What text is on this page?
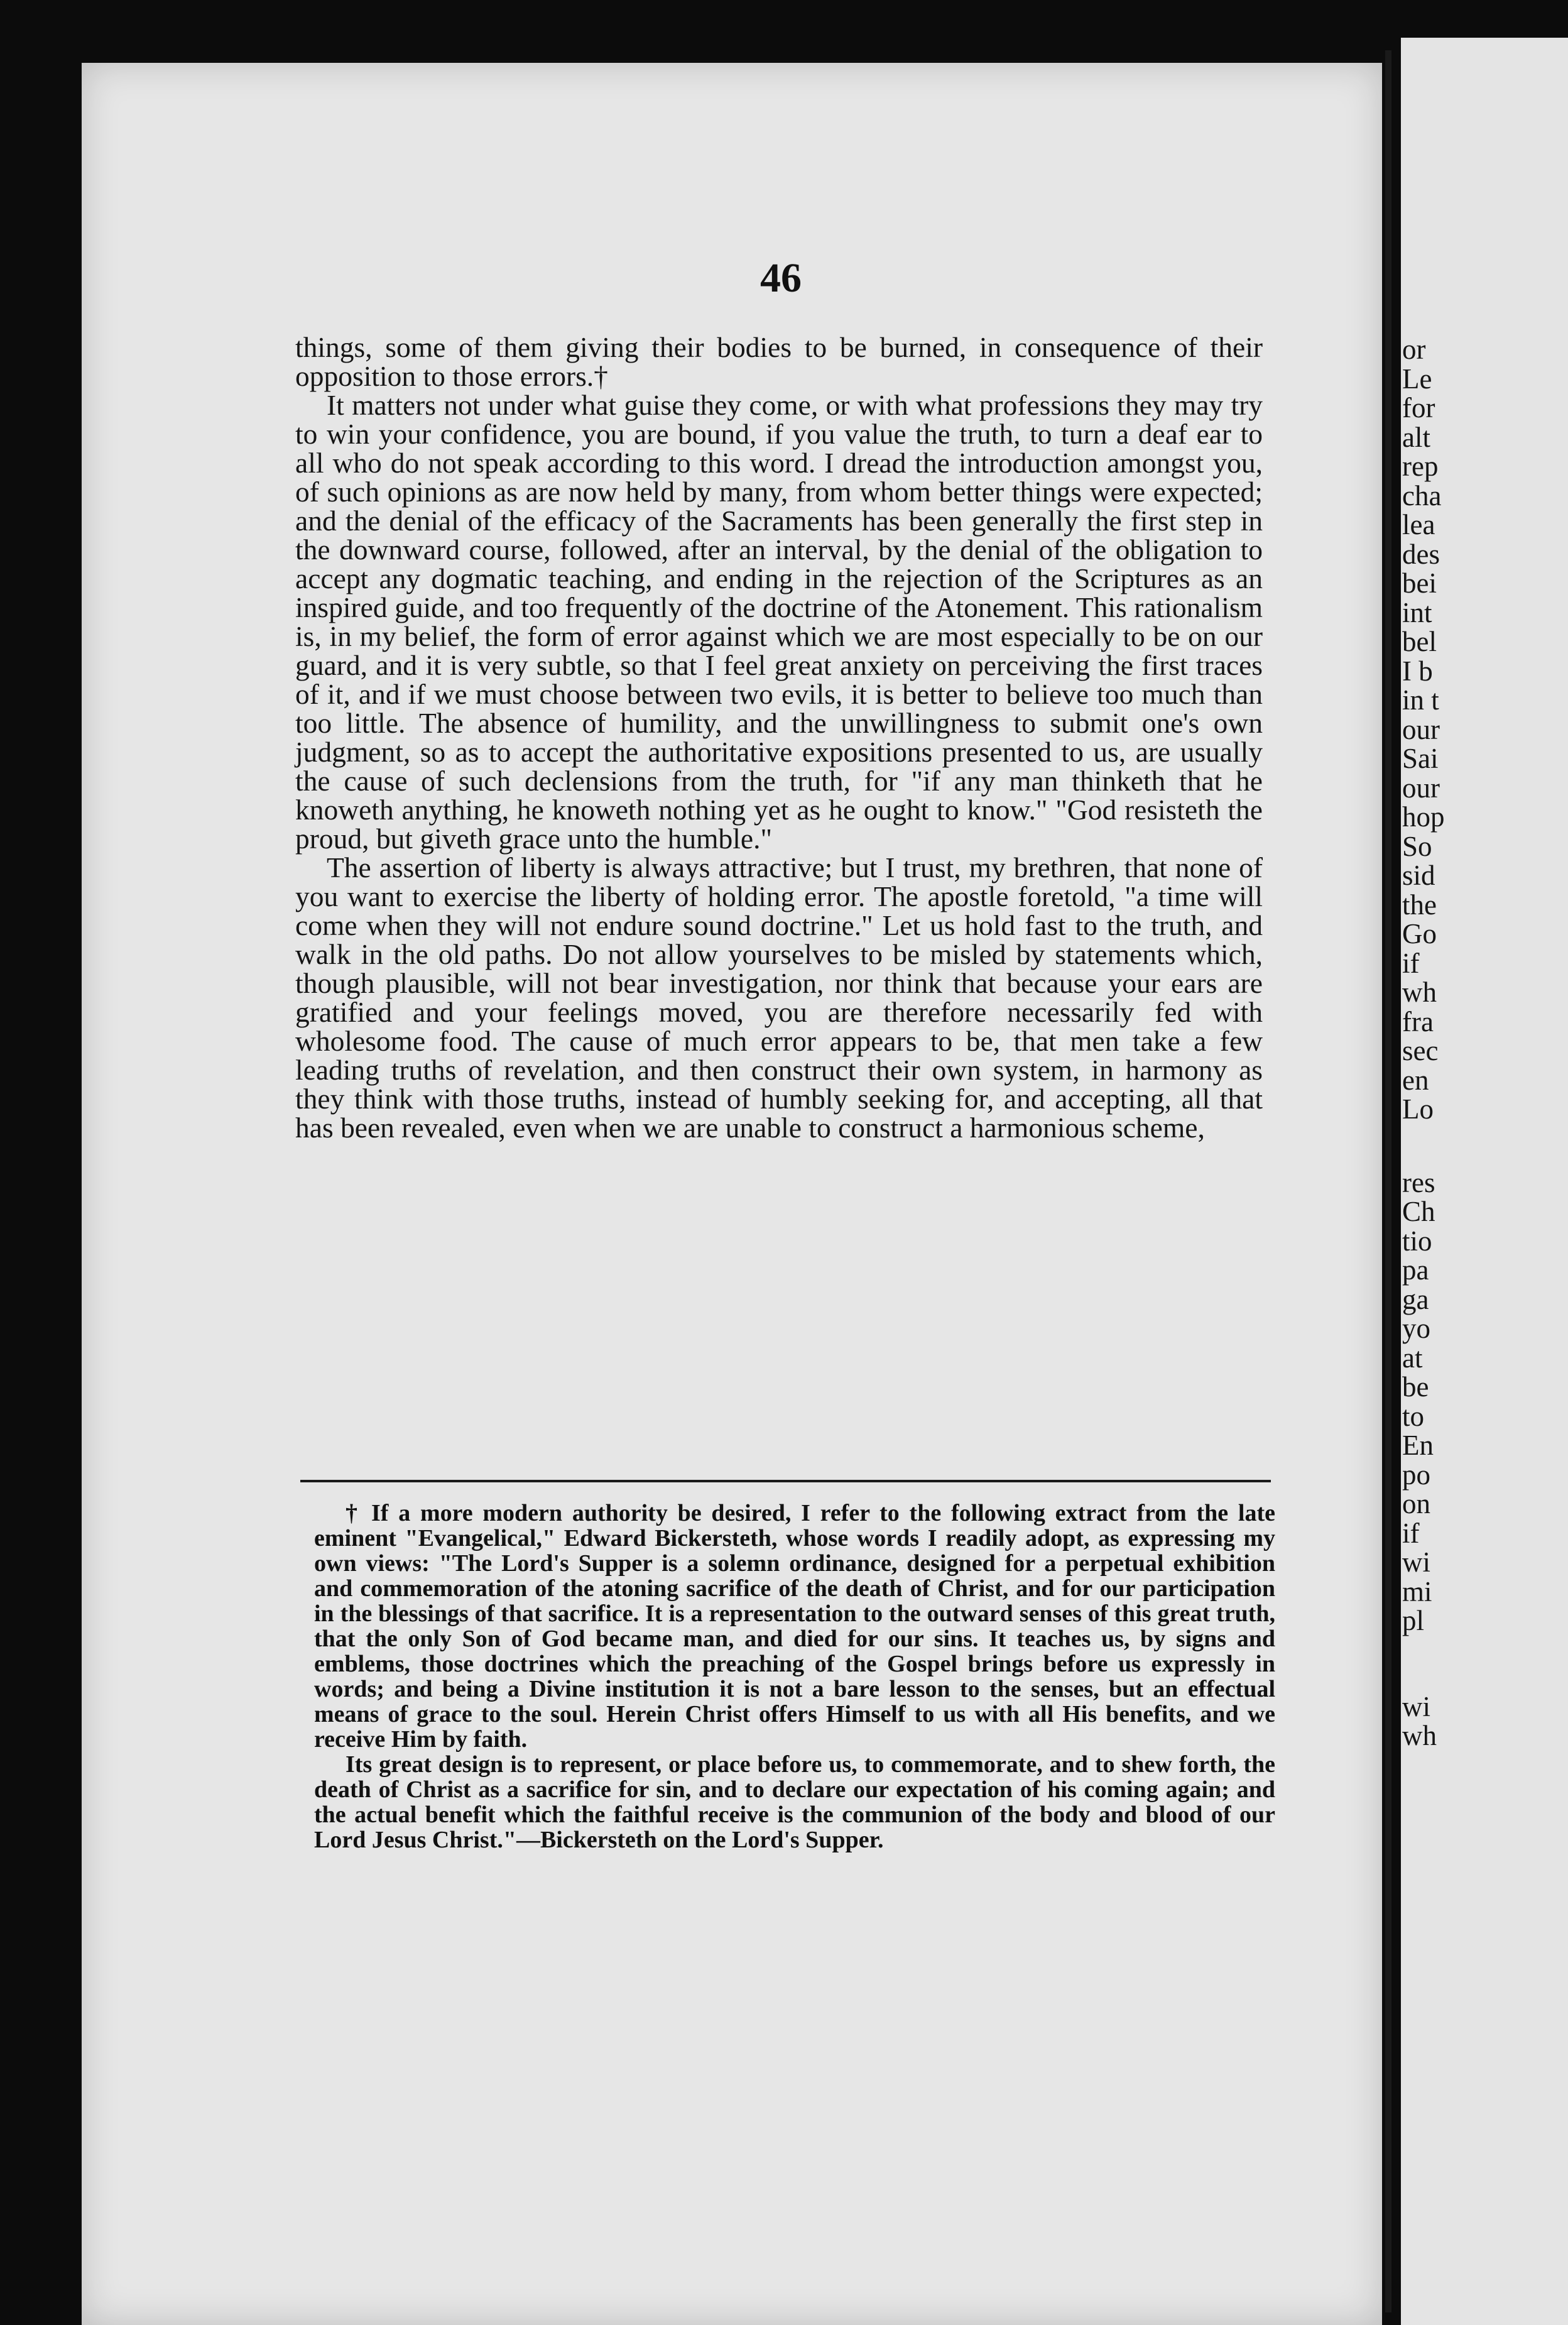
or
Le
for
alt
rep
cha
lea
des
bei
int
bel
I b
in t
our
Sai
our
hop
So
sid
the
Go
if
wh
fra
sec
en
Lo
res
Ch
tio
pa
ga
yo
at
be
to
En
po
on
if
wi
mi
pl
wi
wh
46

things, some of them giving their bodies to be burned, in consequence of their opposition to those errors.†

It matters not under what guise they come, or with what professions they may try to win your confidence, you are bound, if you value the truth, to turn a deaf ear to all who do not speak according to this word. I dread the introduction amongst you, of such opinions as are now held by many, from whom better things were expected; and the denial of the efficacy of the Sacraments has been generally the first step in the downward course, followed, after an interval, by the denial of the obligation to accept any dogmatic teaching, and ending in the rejection of the Scriptures as an inspired guide, and too frequently of the doctrine of the Atonement. This rationalism is, in my belief, the form of error against which we are most especially to be on our guard, and it is very subtle, so that I feel great anxiety on perceiving the first traces of it, and if we must choose between two evils, it is better to believe too much than too little. The absence of humility, and the unwillingness to submit one's own judgment, so as to accept the authoritative expositions presented to us, are usually the cause of such declensions from the truth, for "if any man thinketh that he knoweth anything, he knoweth nothing yet as he ought to know." "God resisteth the proud, but giveth grace unto the humble."

The assertion of liberty is always attractive; but I trust, my brethren, that none of you want to exercise the liberty of holding error. The apostle foretold, "a time will come when they will not endure sound doctrine." Let us hold fast to the truth, and walk in the old paths. Do not allow yourselves to be misled by statements which, though plausible, will not bear investigation, nor think that because your ears are gratified and your feelings moved, you are therefore necessarily fed with wholesome food. The cause of much error appears to be, that men take a few leading truths of revelation, and then construct their own system, in harmony as they think with those truths, instead of humbly seeking for, and accepting, all that has been revealed, even when we are unable to construct a harmonious scheme,

† If a more modern authority be desired, I refer to the following extract from the late eminent "Evangelical," Edward Bickersteth, whose words I readily adopt, as expressing my own views: "The Lord's Supper is a solemn ordinance, designed for a perpetual exhibition and commemoration of the atoning sacrifice of the death of Christ, and for our participation in the blessings of that sacrifice. It is a representation to the outward senses of this great truth, that the only Son of God became man, and died for our sins. It teaches us, by signs and emblems, those doctrines which the preaching of the Gospel brings before us expressly in words; and being a Divine institution it is not a bare lesson to the senses, but an effectual means of grace to the soul. Herein Christ offers Himself to us with all His benefits, and we receive Him by faith.

Its great design is to represent, or place before us, to commemorate, and to shew forth, the death of Christ as a sacrifice for sin, and to declare our expectation of his coming again; and the actual benefit which the faithful receive is the communion of the body and blood of our Lord Jesus Christ."—Bickersteth on the Lord's Supper.
